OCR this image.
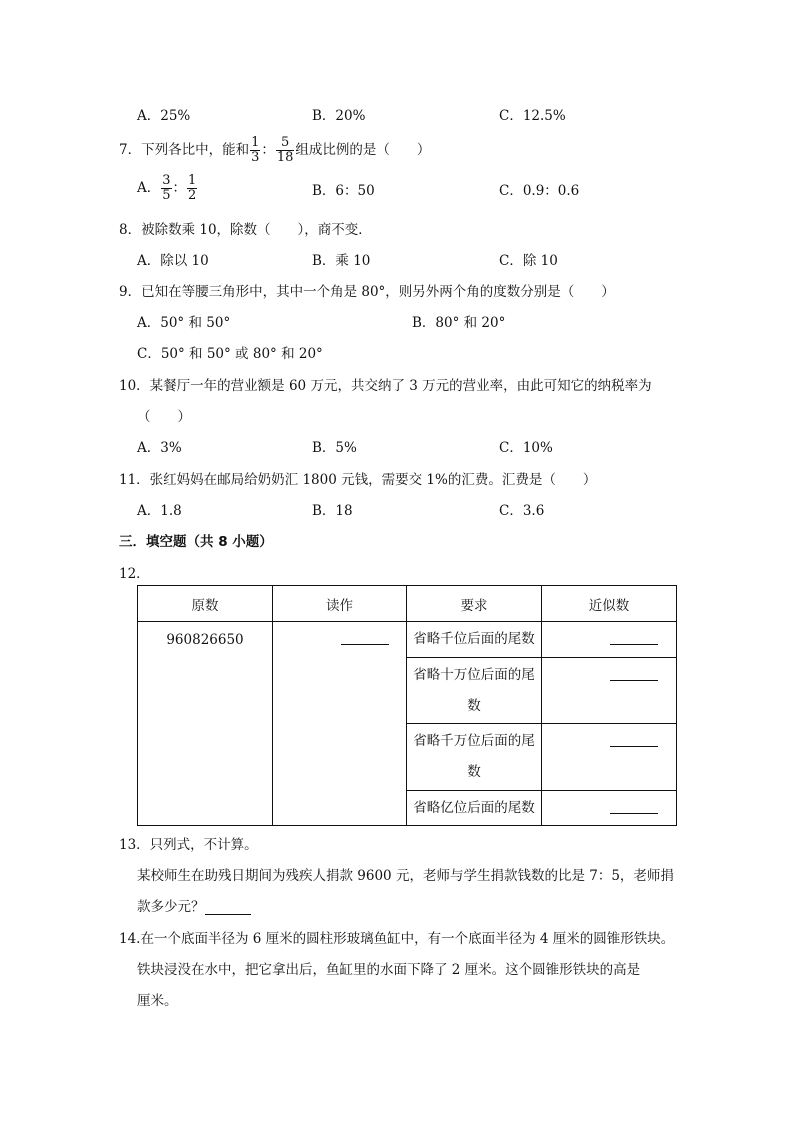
A．25%	B．20%	C．12.5%
7．下列各比中，能和 $\frac{1}{3}$ ： $\frac{5}{18}$ 组成比例的是（　　）
A． $\frac{3}{5}$ ： $\frac{1}{2}$	B．6：50	C．0.9：0.6
8．被除数乘 10，除数（　　），商不变．
A．除以 10	B．乘 10	C．除 10
9．已知在等腰三角形中，其中一个角是 80°，则另外两个角的度数分别是（　　）
A．50° 和 50°	B．80° 和 20°
C．50° 和 50° 或 80° 和 20°
10．某餐厅一年的营业额是 60 万元，共交纳了 3 万元的营业率，由此可知它的纳税率为
（　　）
A．3%	B．5%	C．10%
11．张红妈妈在邮局给奶奶汇 1800 元钱，需要交 1%的汇费。汇费是（　　）
A．1.8	B．18	C．3.6
三．填空题（共 8 小题）
12．
原数	读作	要求	近似数
960826650		省略千位后面的尾数	

		省略十万位后面的尾
数	

		省略千万位后面的尾
数	

		省略亿位后面的尾数	
13．只列式，不计算。
某校师生在助残日期间为残疾人捐款 9600 元，老师与学生捐款钱数的比是 7：5，老师捐
款多少元？
14.在一个底面半径为 6 厘米的圆柱形玻璃鱼缸中，有一个底面半径为 4 厘米的圆锥形铁块。
铁块浸没在水中，把它拿出后，鱼缸里的水面下降了 2 厘米。这个圆锥形铁块的高是
厘米。
